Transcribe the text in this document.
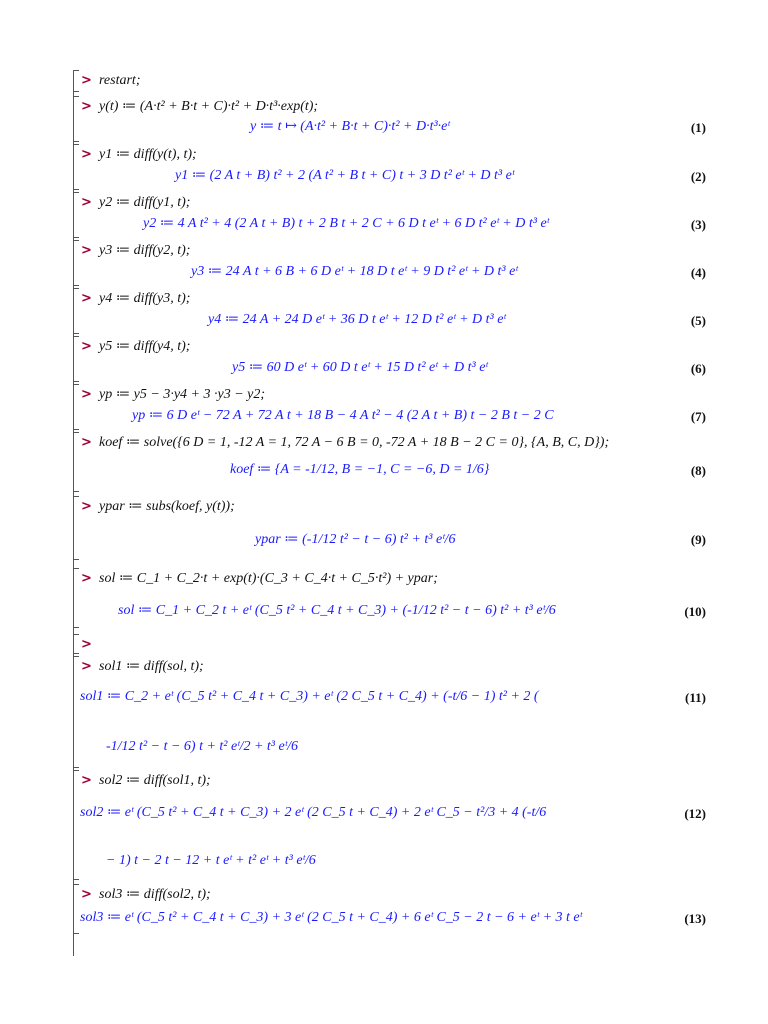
> restart;
> y(t) ≔ (A·t² + B·t + C)·t² + D·t³·exp(t);
y ≔ t ↦ (A·t² + B·t + C)·t² + D·t³·eᵗ	(1)
> y1 ≔ diff(y(t), t);
y1 ≔ (2 A t + B) t² + 2 (A t² + B t + C) t + 3 D t² eᵗ + D t³ eᵗ	(2)
> y2 ≔ diff(y1, t);
y2 ≔ 4 A t² + 4 (2 A t + B) t + 2 B t + 2 C + 6 D t eᵗ + 6 D t² eᵗ + D t³ eᵗ	(3)
> y3 ≔ diff(y2, t);
y3 ≔ 24 A t + 6 B + 6 D eᵗ + 18 D t eᵗ + 9 D t² eᵗ + D t³ eᵗ	(4)
> y4 ≔ diff(y3, t);
y4 ≔ 24 A + 24 D eᵗ + 36 D t eᵗ + 12 D t² eᵗ + D t³ eᵗ	(5)
> y5 ≔ diff(y4, t);
y5 ≔ 60 D eᵗ + 60 D t eᵗ + 15 D t² eᵗ + D t³ eᵗ	(6)
> yp ≔ y5 − 3·y4 + 3 ·y3 − y2;
yp ≔ 6 D eᵗ − 72 A + 72 A t + 18 B − 4 A t² − 4 (2 A t + B) t − 2 B t − 2 C	(7)
> koef ≔ solve({6 D = 1, -12 A = 1, 72 A − 6 B = 0, -72 A + 18 B − 2 C = 0}, {A, B, C, D});
koef ≔ {A = -1/12, B = −1, C = −6, D = 1/6}	(8)
> ypar ≔ subs(koef, y(t));
ypar ≔ (-1/12 t² − t − 6) t² + t³ eᵗ/6	(9)
> sol ≔ C_1 + C_2·t + exp(t)·(C_3 + C_4·t + C_5·t²) + ypar;
sol ≔ C_1 + C_2 t + eᵗ (C_5 t² + C_4 t + C_3) + (-1/12 t² − t − 6) t² + t³ eᵗ/6	(10)
>
> sol1 ≔ diff(sol, t);
sol1 ≔ C_2 + eᵗ (C_5 t² + C_4 t + C_3) + eᵗ (2 C_5 t + C_4) + (-t/6 − 1) t² + 2 (
-1/12 t² − t − 6) t + t² eᵗ/2 + t³ eᵗ/6
(11)
> sol2 ≔ diff(sol1, t);
sol2 ≔ eᵗ (C_5 t² + C_4 t + C_3) + 2 eᵗ (2 C_5 t + C_4) + 2 eᵗ C_5 − t²/3 + 4 (-t/6
− 1) t − 2 t − 12 + t eᵗ + t² eᵗ + t³ eᵗ/6
(12)
> sol3 ≔ diff(sol2, t);
sol3 ≔ eᵗ (C_5 t² + C_4 t + C_3) + 3 eᵗ (2 C_5 t + C_4) + 6 eᵗ C_5 − 2 t − 6 + eᵗ + 3 t eᵗ	(13)
